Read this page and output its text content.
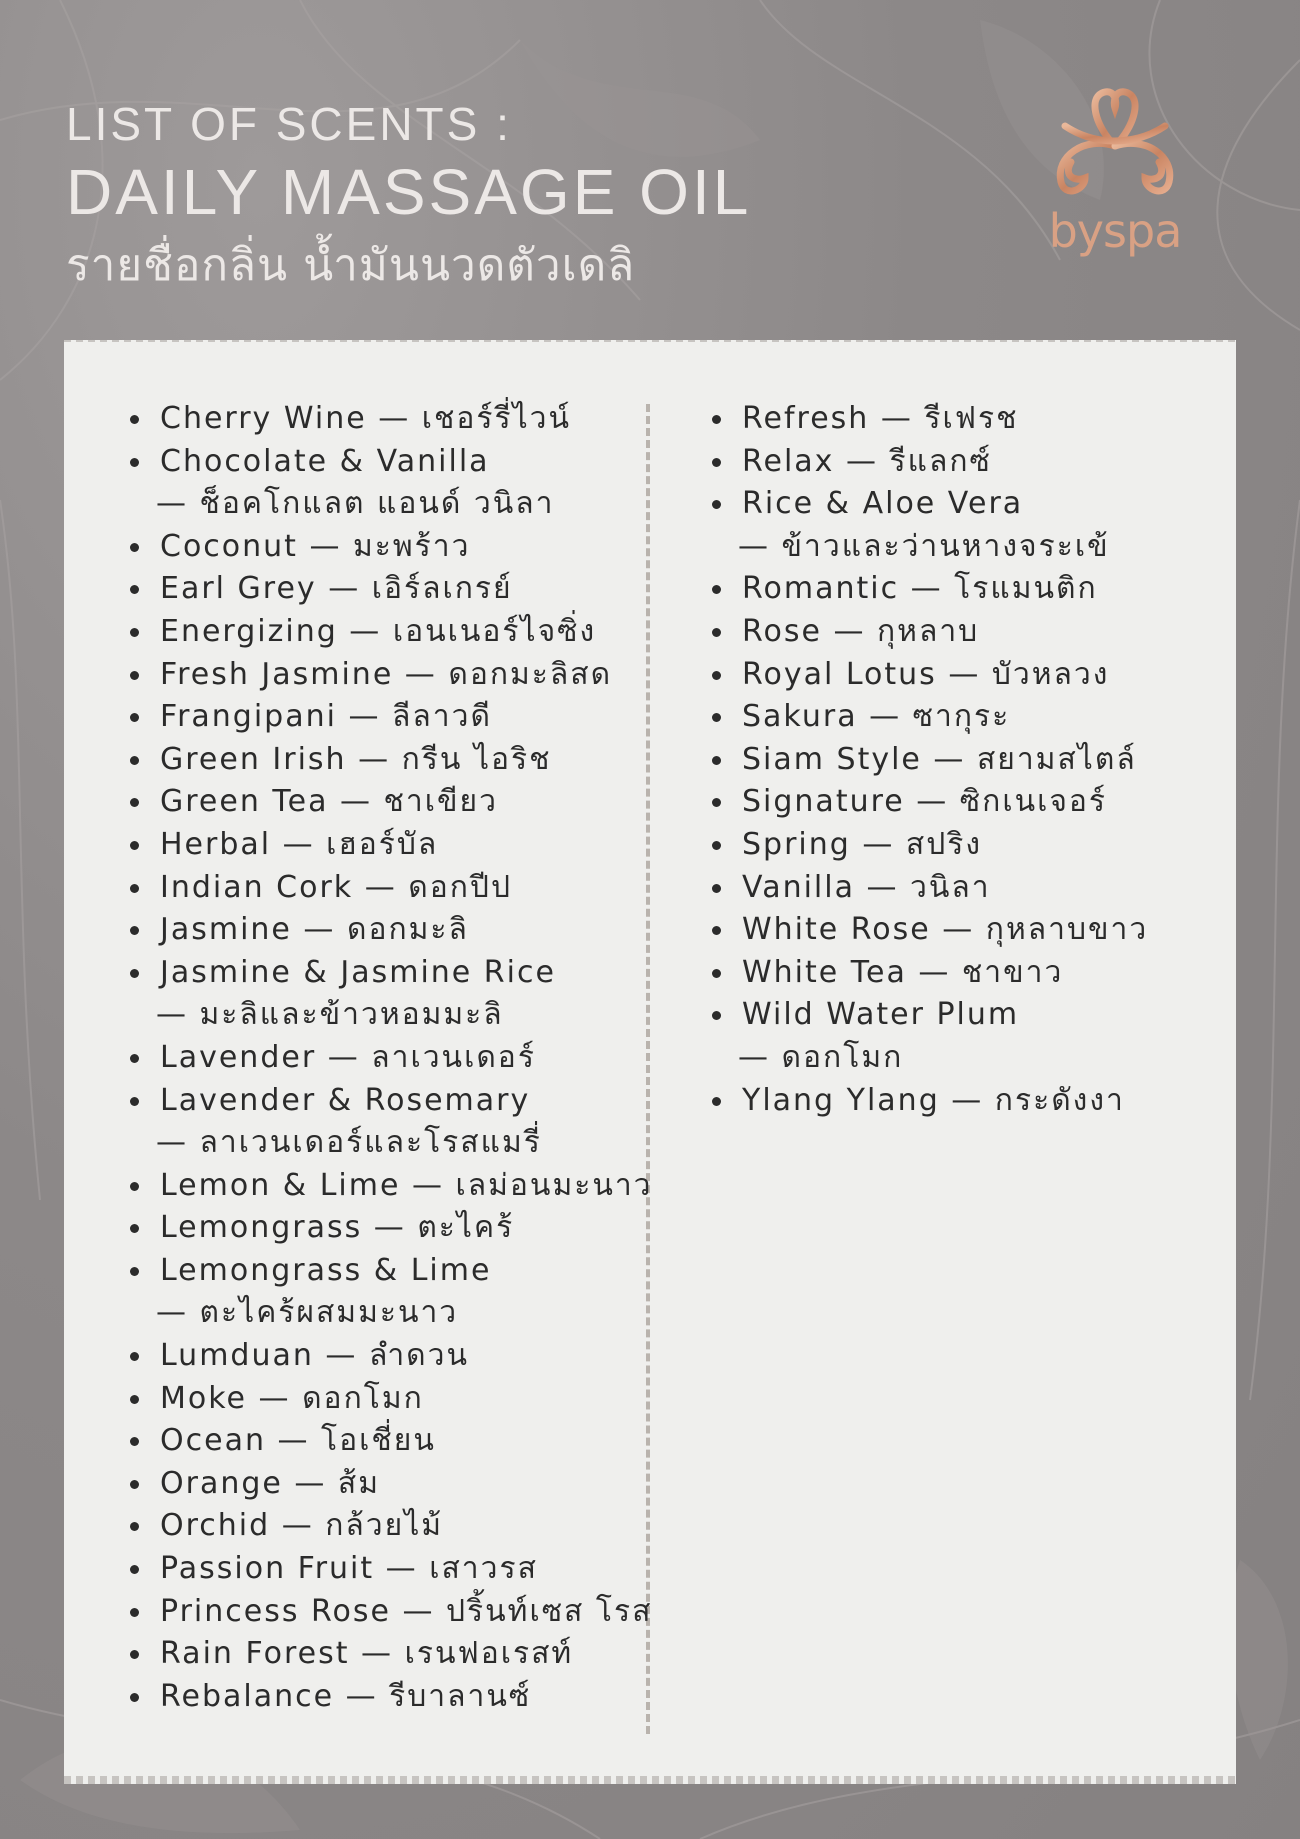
LIST OF SCENTS :
DAILY MASSAGE OIL
รายชื่อกลิ่น น้ำมันนวดตัวเดลิ
byspa
Cherry Wine — เชอร์รี่ไวน์
Chocolate & Vanilla
— ช็อคโกแลต แอนด์ วนิลา
Coconut — มะพร้าว
Earl Grey — เอิร์ลเกรย์
Energizing — เอนเนอร์ไจซิ่ง
Fresh Jasmine — ดอกมะลิสด
Frangipani — ลีลาวดี
Green Irish — กรีน ไอริช
Green Tea — ชาเขียว
Herbal — เฮอร์บัล
Indian Cork — ดอกปีป
Jasmine — ดอกมะลิ
Jasmine & Jasmine Rice
— มะลิและข้าวหอมมะลิ
Lavender — ลาเวนเดอร์
Lavender & Rosemary
— ลาเวนเดอร์และโรสแมรี่
Lemon & Lime — เลม่อนมะนาว
Lemongrass — ตะไคร้
Lemongrass & Lime
— ตะไคร้ผสมมะนาว
Lumduan — ลำดวน
Moke — ดอกโมก
Ocean — โอเชี่ยน
Orange — ส้ม
Orchid — กล้วยไม้
Passion Fruit — เสาวรส
Princess Rose — ปริ้นท์เซส โรส
Rain Forest — เรนฟอเรสท์
Rebalance — รีบาลานซ์
Refresh — รีเฟรช
Relax — รีแลกซ์
Rice & Aloe Vera
— ข้าวและว่านหางจระเข้
Romantic — โรแมนติก
Rose — กุหลาบ
Royal Lotus — บัวหลวง
Sakura — ซากุระ
Siam Style — สยามสไตล์
Signature — ซิกเนเจอร์
Spring — สปริง
Vanilla — วนิลา
White Rose — กุหลาบขาว
White Tea — ชาขาว
Wild Water Plum
— ดอกโมก
Ylang Ylang — กระดังงา
